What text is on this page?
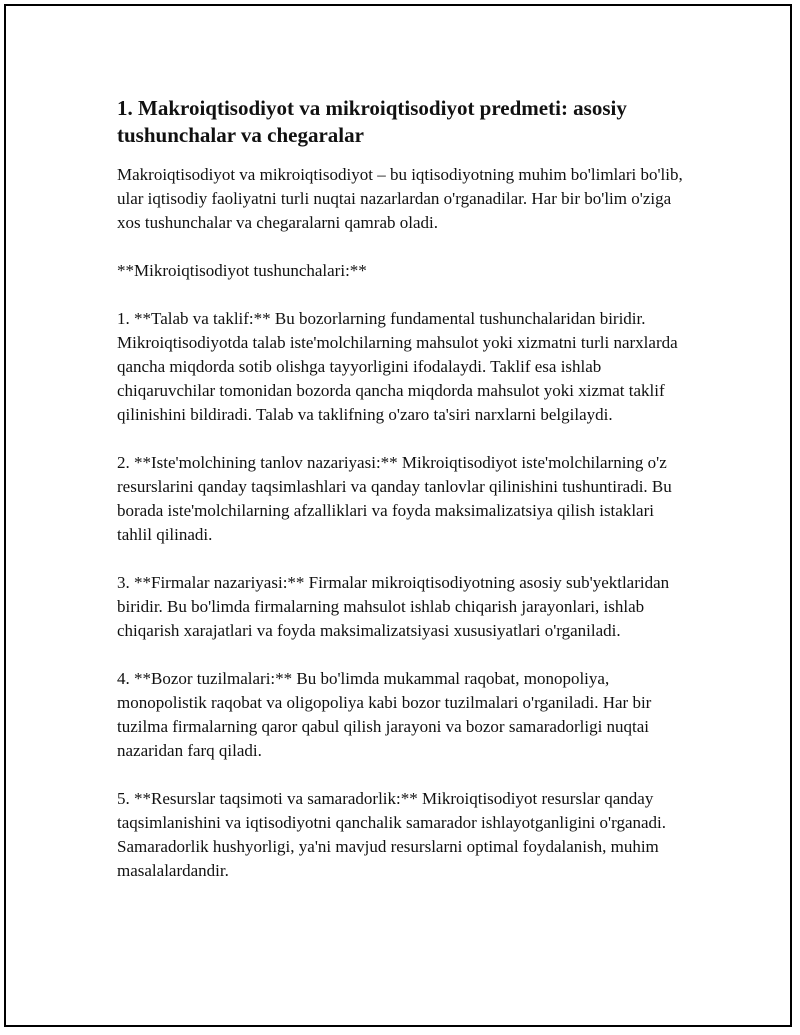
1. Makroiqtisodiyot va mikroiqtisodiyot predmeti: asosiy tushunchalar va chegaralar

Makroiqtisodiyot va mikroiqtisodiyot – bu iqtisodiyotning muhim bo'limlari bo'lib, ular iqtisodiy faoliyatni turli nuqtai nazarlardan o'rganadilar. Har bir bo'lim o'ziga xos tushunchalar va chegaralarni qamrab oladi.

**Mikroiqtisodiyot tushunchalari:**

1. **Talab va taklif:** Bu bozorlarning fundamental tushunchalaridan biridir. Mikroiqtisodiyotda talab iste'molchilarning mahsulot yoki xizmatni turli narxlarda qancha miqdorda sotib olishga tayyorligini ifodalaydi. Taklif esa ishlab chiqaruvchilar tomonidan bozorda qancha miqdorda mahsulot yoki xizmat taklif qilinishini bildiradi. Talab va taklifning o'zaro ta'siri narxlarni belgilaydi.

2. **Iste'molchining tanlov nazariyasi:** Mikroiqtisodiyot iste'molchilarning o'z resurslarini qanday taqsimlashlari va qanday tanlovlar qilinishini tushuntiradi. Bu borada iste'molchilarning afzalliklari va foyda maksimalizatsiya qilish istaklari tahlil qilinadi.

3. **Firmalar nazariyasi:** Firmalar mikroiqtisodiyotning asosiy sub'yektlaridan biridir. Bu bo'limda firmalarning mahsulot ishlab chiqarish jarayonlari, ishlab chiqarish xarajatlari va foyda maksimalizatsiyasi xususiyatlari o'rganiladi.

4. **Bozor tuzilmalari:** Bu bo'limda mukammal raqobat, monopoliya, monopolistik raqobat va oligopoliya kabi bozor tuzilmalari o'rganiladi. Har bir tuzilma firmalarning qaror qabul qilish jarayoni va bozor samaradorligi nuqtai nazaridan farq qiladi.

5. **Resurslar taqsimoti va samaradorlik:** Mikroiqtisodiyot resurslar qanday taqsimlanishini va iqtisodiyotni qanchalik samarador ishlayotganligini o'rganadi. Samaradorlik hushyorligi, ya'ni mavjud resurslarni optimal foydalanish, muhim masalalardandir.
